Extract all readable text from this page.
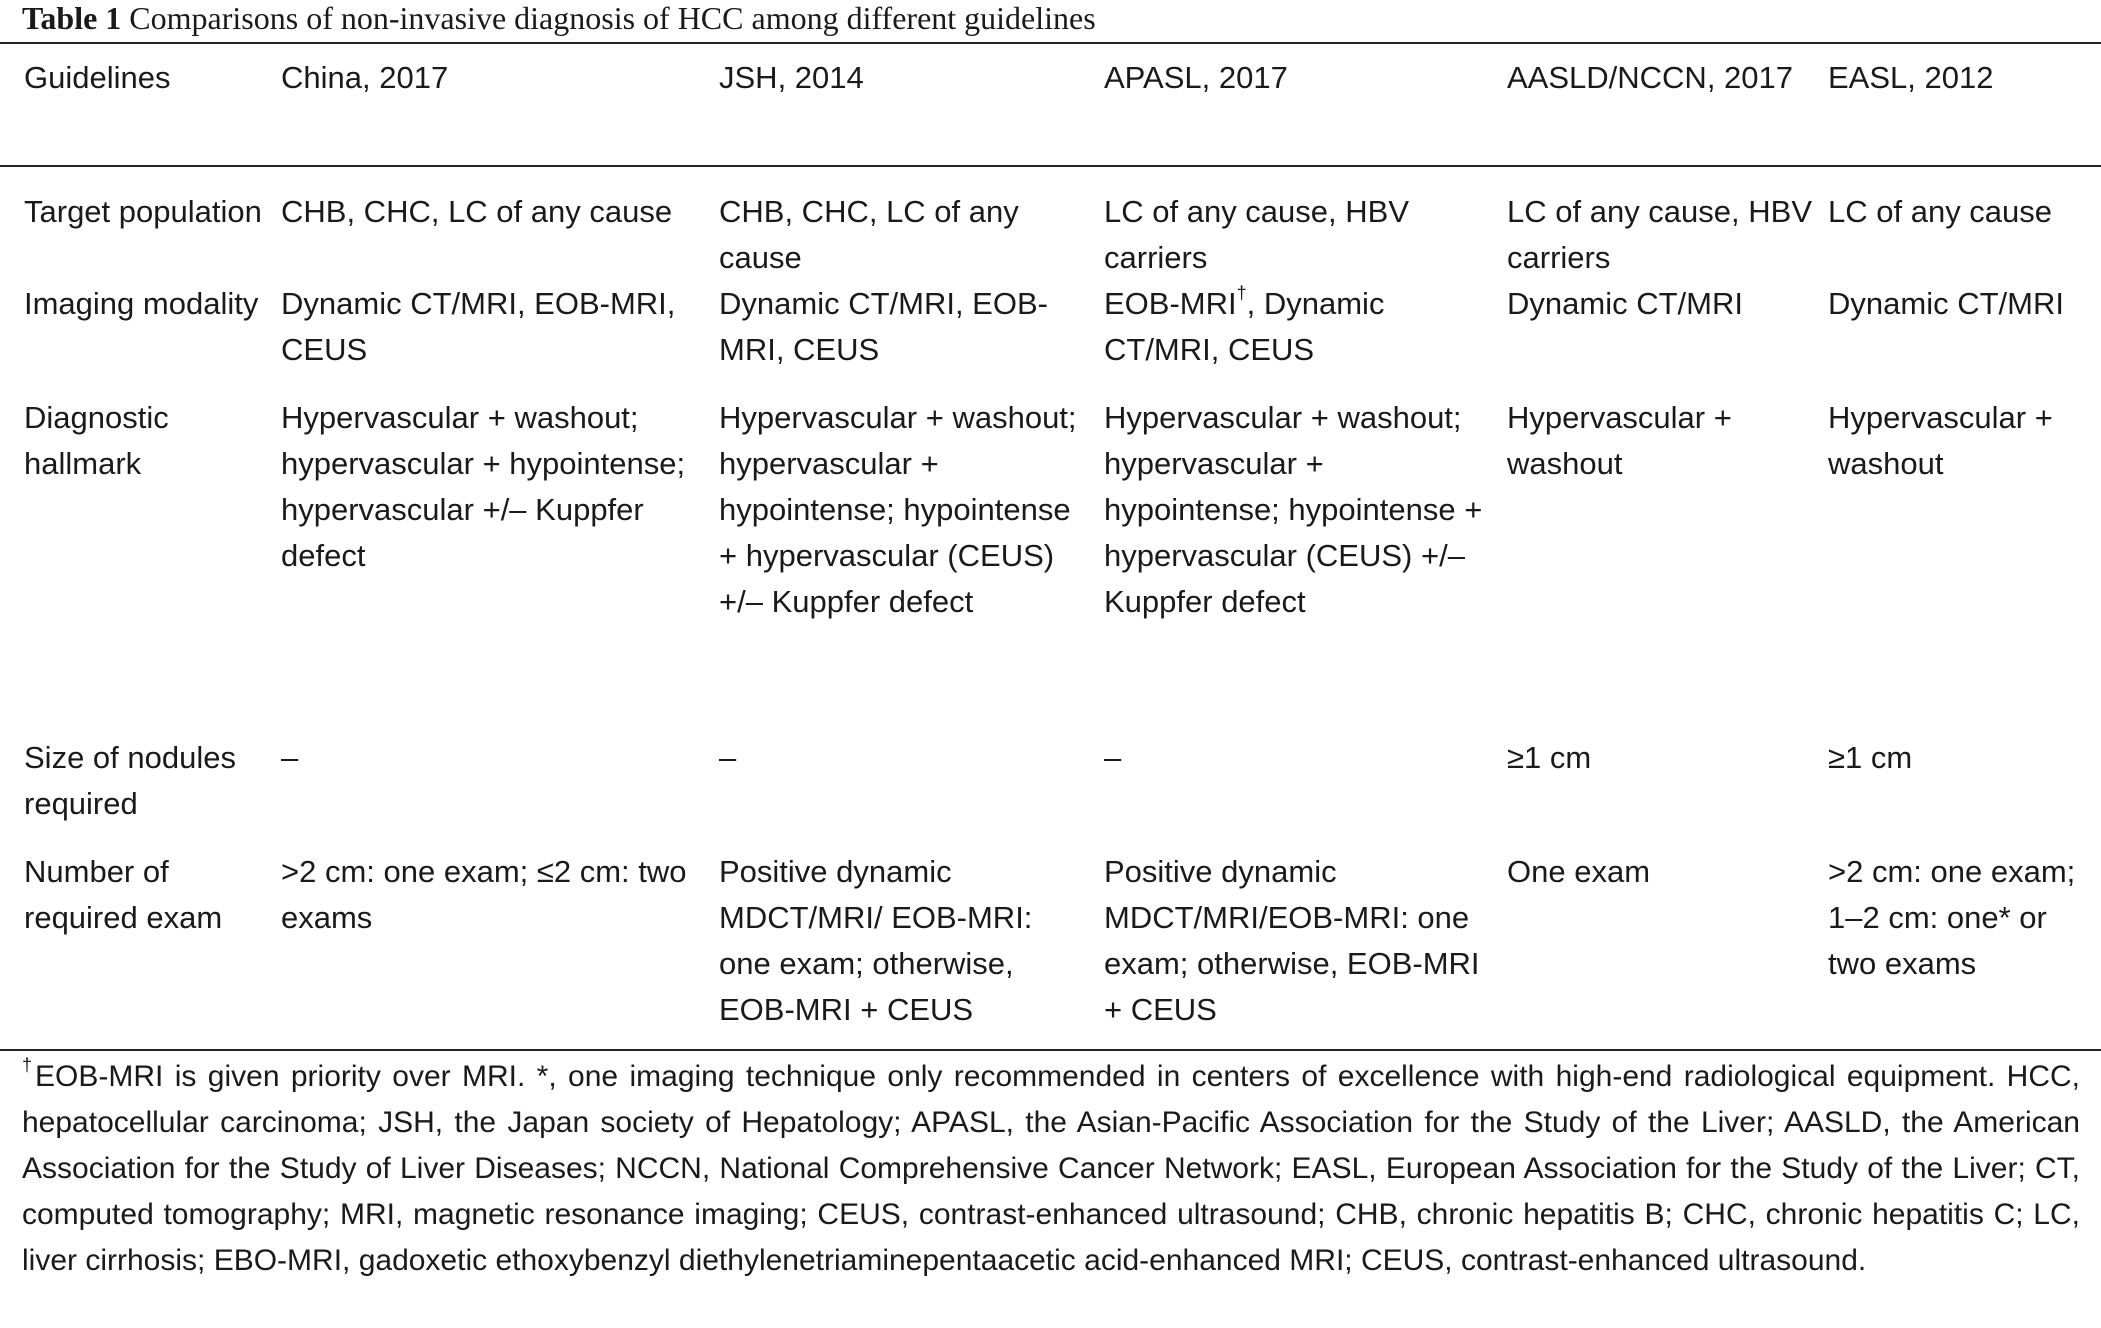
Table 1 Comparisons of non-invasive diagnosis of HCC among different guidelines
Guidelines	China, 2017	JSH, 2014	APASL, 2017	AASLD/NCCN, 2017	EASL, 2012
Target population	CHB, CHC, LC of any cause	CHB, CHC, LC of any cause	LC of any cause, HBV carriers	LC of any cause, HBV carriers	LC of any cause
Imaging modality	Dynamic CT/MRI, EOB-MRI, CEUS	Dynamic CT/MRI, EOB-MRI, CEUS	EOB-MRI†, Dynamic CT/MRI, CEUS	Dynamic CT/MRI	Dynamic CT/MRI
Diagnostic hallmark	Hypervascular + washout; hypervascular + hypointense; hypervascular +/– Kuppfer defect	Hypervascular + washout; hypervascular + hypointense; hypointense + hypervascular (CEUS) +/– Kuppfer defect	Hypervascular + washout; hypervascular + hypointense; hypointense + hypervascular (CEUS) +/– Kuppfer defect	Hypervascular + washout	Hypervascular + washout
Size of nodules required	–	–	–	≥1 cm	≥1 cm
Number of required exam	>2 cm: one exam; ≤2 cm: two exams	Positive dynamic MDCT/MRI/ EOB-MRI: one exam; otherwise, EOB-MRI + CEUS	Positive dynamic MDCT/MRI/EOB-MRI: one exam; otherwise, EOB-MRI + CEUS	One exam	>2 cm: one exam; 1–2 cm: one* or two exams
†EOB-MRI is given priority over MRI. *, one imaging technique only recommended in centers of excellence with high-end radiological equipment. HCC, hepatocellular carcinoma; JSH, the Japan society of Hepatology; APASL, the Asian-Pacific Association for the Study of the Liver; AASLD, the American Association for the Study of Liver Diseases; NCCN, National Comprehensive Cancer Network; EASL, European Association for the Study of the Liver; CT, computed tomography; MRI, magnetic resonance imaging; CEUS, contrast-enhanced ultrasound; CHB, chronic hepatitis B; CHC, chronic hepatitis C; LC, liver cirrhosis; EBO-MRI, gadoxetic ethoxybenzyl diethylenetriaminepentaacetic acid-enhanced MRI; CEUS, contrast-enhanced ultrasound.
